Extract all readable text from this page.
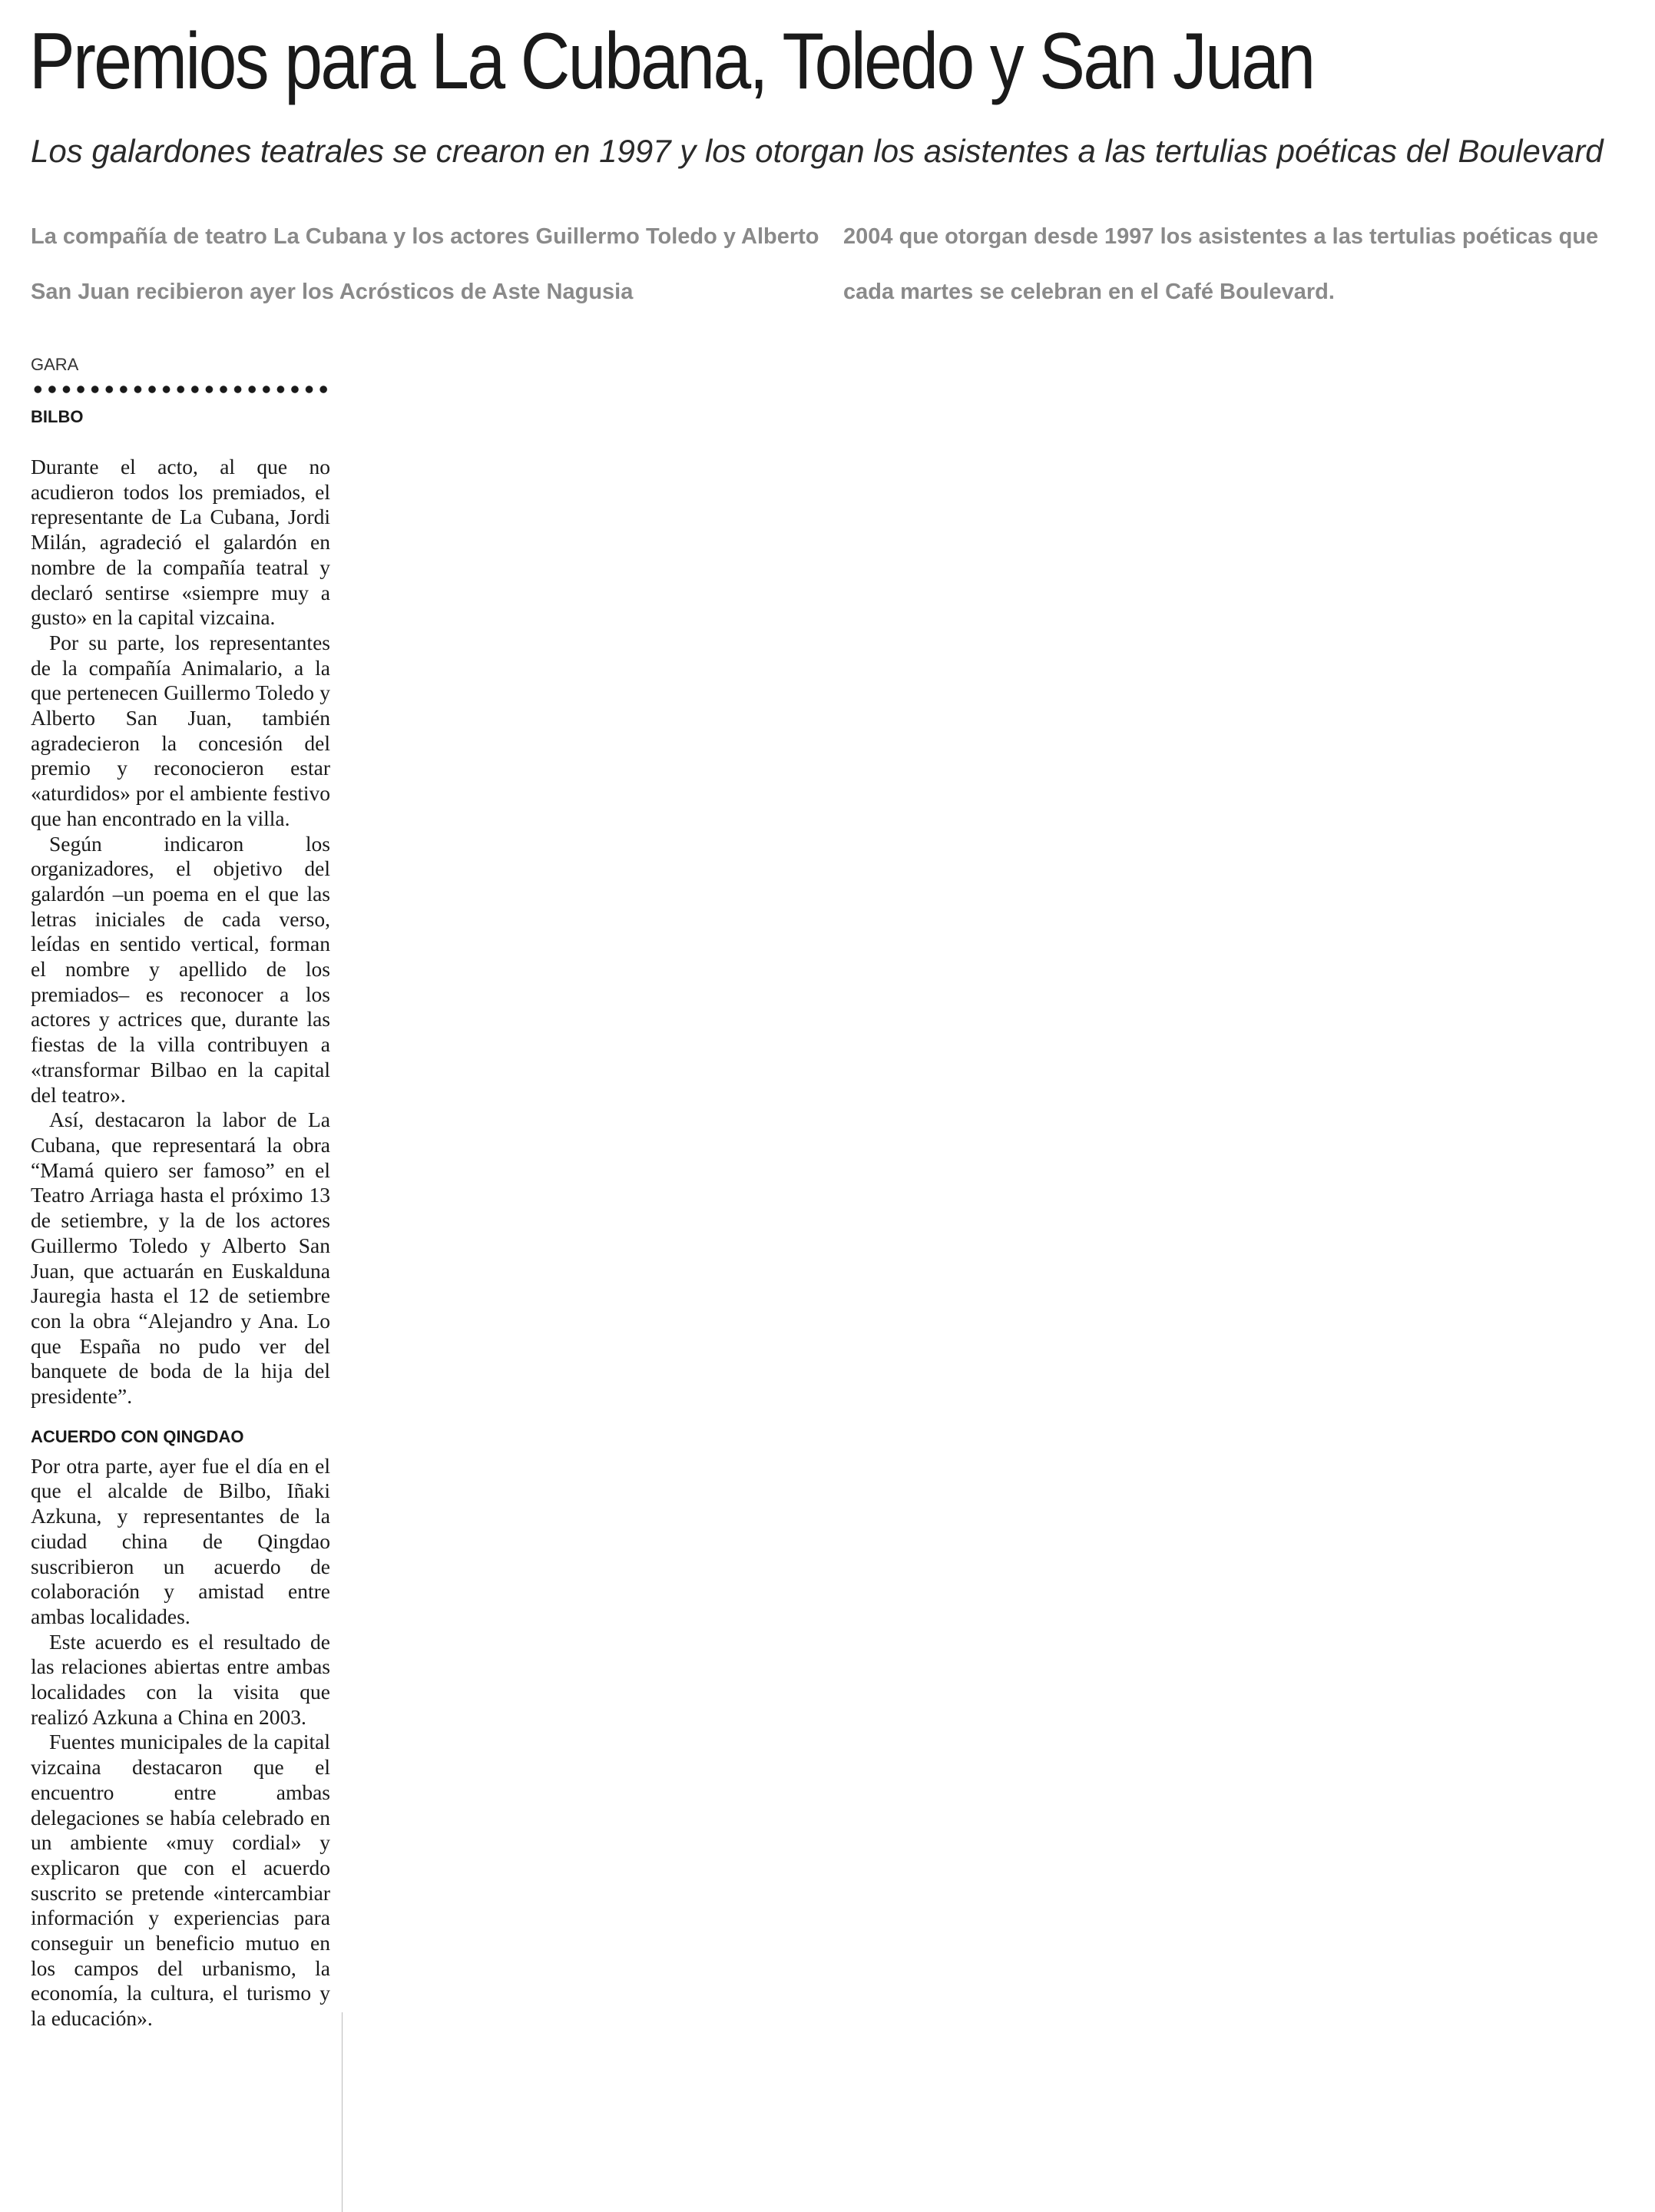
Premios para La Cubana, Toledo y San Juan

Los galardones teatrales se crearon en 1997 y los otorgan los asistentes a las tertulias poéticas del Boulevard

La compañía de teatro La Cubana y los actores Guillermo Toledo y Alberto San Juan recibieron ayer los Acrósticos de Aste Nagusia

2004 que otorgan desde 1997 los asistentes a las tertulias poéticas que cada martes se celebran en el Café Boulevard.

GARA
BILBO

Durante el acto, al que no acudieron todos los premiados, el representante de La Cubana, Jordi Milán, agradeció el galardón en nombre de la compañía teatral y declaró sentirse «siempre muy a gusto» en la capital vizcaina.

Por su parte, los representantes de la compañía Animalario, a la que pertenecen Guillermo Toledo y Alberto San Juan, también agradecieron la concesión del premio y reconocieron estar «aturdidos» por el ambiente festivo que han encontrado en la villa.

Según indicaron los organizadores, el objetivo del galardón –un poema en el que las letras iniciales de cada verso, leídas en sentido vertical, forman el nombre y apellido de los premiados– es reconocer a los actores y actrices que, durante las fiestas de la villa contribuyen a «transformar Bilbao en la capital del teatro».

Así, destacaron la labor de La Cubana, que representará la obra “Mamá quiero ser famoso” en el Teatro Arriaga hasta el próximo 13 de setiembre, y la de los actores Guillermo Toledo y Alberto San Juan, que actuarán en Euskalduna Jauregia hasta el 12 de setiembre con la obra “Alejandro y Ana. Lo que España no pudo ver del banquete de boda de la hija del presidente”.

ACUERDO CON QINGDAO

Por otra parte, ayer fue el día en el que el alcalde de Bilbo, Iñaki Azkuna, y representantes de la ciudad china de Qingdao suscribieron un acuerdo de colaboración y amistad entre ambas localidades.

Este acuerdo es el resultado de las relaciones abiertas entre ambas localidades con la visita que realizó Azkuna a China en 2003.

Fuentes municipales de la capital vizcaina destacaron que el encuentro entre ambas delegaciones se había celebrado en un ambiente «muy cordial» y explicaron que con el acuerdo suscrito se pretende «intercambiar información y experiencias para conseguir un beneficio mutuo en los campos del urbanismo, la economía, la cultura, el turismo y la educación».
